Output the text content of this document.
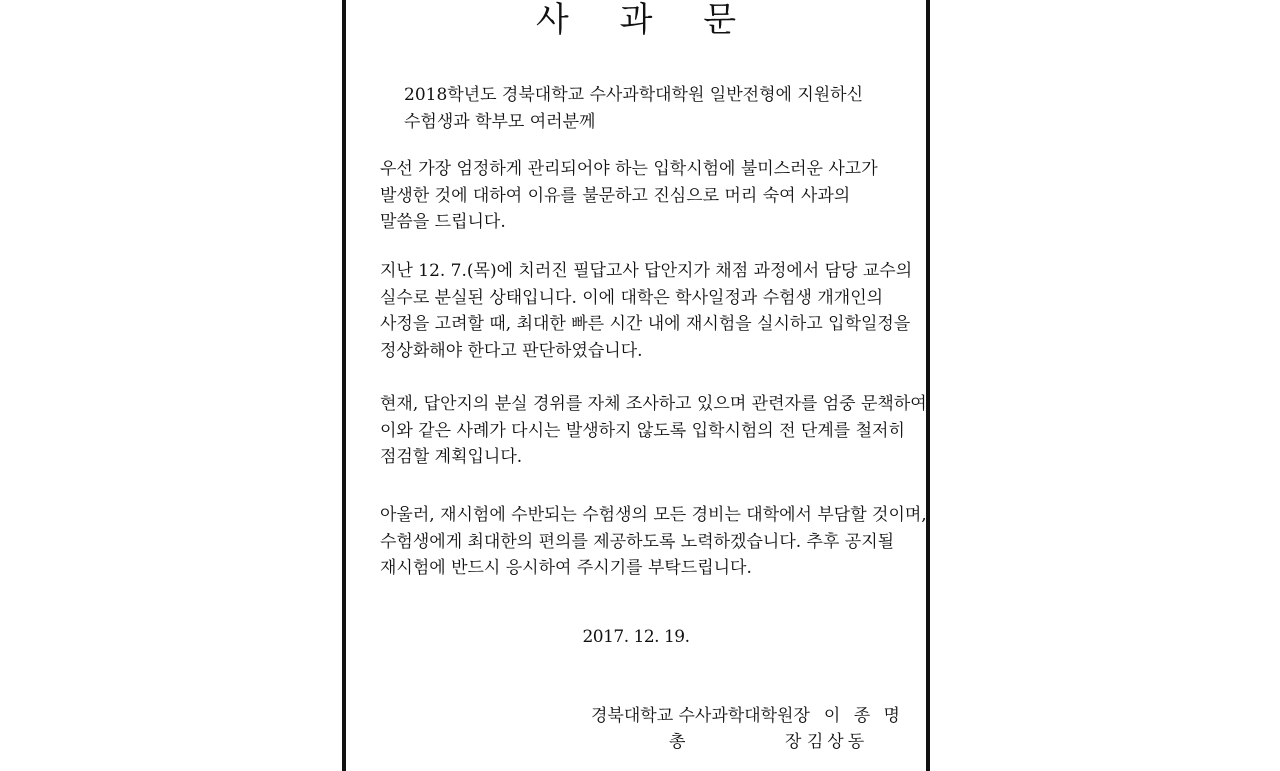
사 과 문
2018학년도 경북대학교 수사과학대학원 일반전형에 지원하신
수험생과 학부모 여러분께
우선 가장 엄정하게 관리되어야 하는 입학시험에 불미스러운 사고가
발생한 것에 대하여 이유를 불문하고 진심으로 머리 숙여 사과의
말씀을 드립니다.
지난 12. 7.(목)에 치러진 필답고사 답안지가 채점 과정에서 담당 교수의
실수로 분실된 상태입니다. 이에 대학은 학사일정과 수험생 개개인의
사정을 고려할 때, 최대한 빠른 시간 내에 재시험을 실시하고 입학일정을
정상화해야 한다고 판단하였습니다.
현재, 답안지의 분실 경위를 자체 조사하고 있으며 관련자를 엄중 문책하여
이와 같은 사례가 다시는 발생하지 않도록 입학시험의 전 단계를 철저히
점검할 계획입니다.
아울러, 재시험에 수반되는 수험생의 모든 경비는 대학에서 부담할 것이며,
수험생에게 최대한의 편의를 제공하도록 노력하겠습니다. 추후 공지될
재시험에 반드시 응시하여 주시기를 부탁드립니다.
2017. 12. 19.
경북대학교 수사과학대학원장 이 종 명
총	장 김상동
